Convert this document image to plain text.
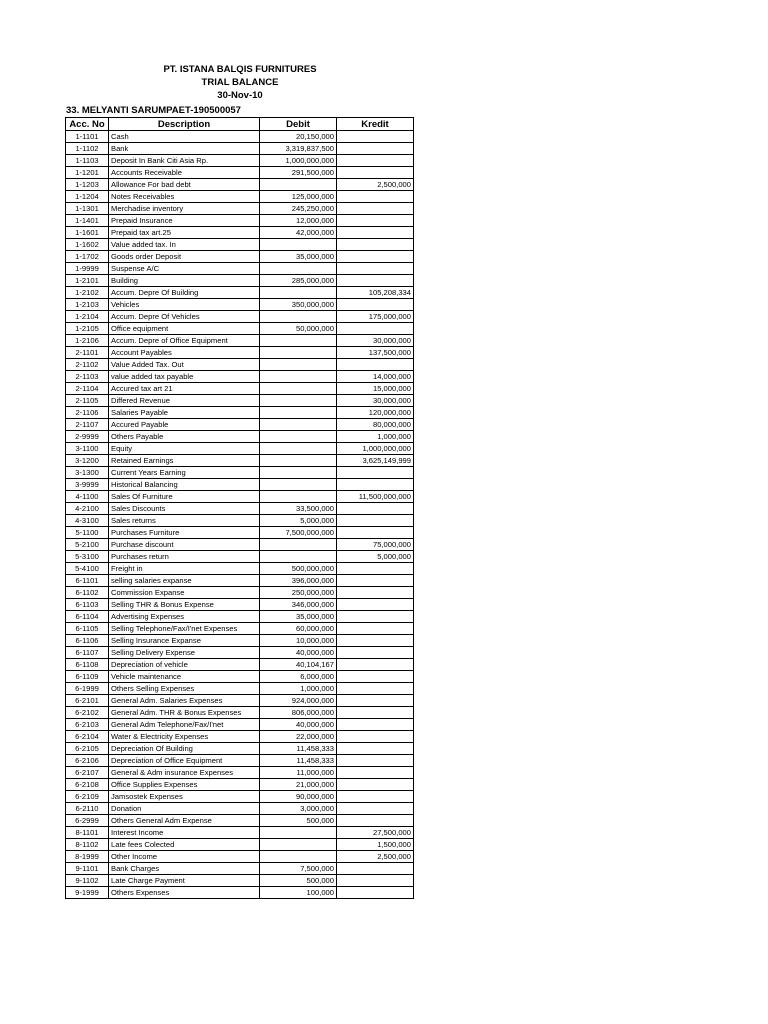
PT. ISTANA BALQIS FURNITURES
TRIAL BALANCE
30-Nov-10
33. MELYANTI SARUMPAET-190500057
Acc. No	Description	Debit	Kredit
1-1101	Cash	20,150,000	
1-1102	Bank	3,319,837,500	
1-1103	Deposit In Bank Citi Asia Rp.	1,000,000,000	
1-1201	Accounts Receivable	291,500,000	
1-1203	Allowance For bad debt		2,500,000
1-1204	Notes Receivables	125,000,000	
1-1301	Merchadise inventory	245,250,000	
1-1401	Prepaid Insurance	12,000,000	
1-1601	Prepaid tax art.25	42,000,000	
1-1602	Value added tax. In		
1-1702	Goods order Deposit	35,000,000	
1-9999	Suspense A/C		
1-2101	Building	285,000,000	
1-2102	Accum. Depre Of Building		105,208,334
1-2103	Vehicles	350,000,000	
1-2104	Accum. Depre Of Vehicles		175,000,000
1-2105	Office equipment	50,000,000	
1-2106	Accum. Depre of Office Equipment		30,000,000
2-1101	Account Payables		137,500,000
2-1102	Value Added Tax. Out		
2-1103	value added tax payable		14,000,000
2-1104	Accured tax art 21		15,000,000
2-1105	Differed Revenue		30,000,000
2-1106	Salaries Payable		120,000,000
2-1107	Accured Payable		80,000,000
2-9999	Others Payable		1,000,000
3-1100	Equity		1,000,000,000
3-1200	Retained Earnings		3,625,149,999
3-1300	Current Years Earning		
3-9999	Historical Balancing		
4-1100	Sales Of Furniture		11,500,000,000
4-2100	Sales Discounts	33,500,000	
4-3100	Sales returns	5,000,000	
5-1100	Purchases Furniture	7,500,000,000	
5-2100	Purchase discount		75,000,000
5-3100	Purchases return		5,000,000
5-4100	Freight in	500,000,000	
6-1101	selling salaries expanse	396,000,000	
6-1102	Commission Expanse	250,000,000	
6-1103	Selling THR & Bonus Expense	346,000,000	
6-1104	Advertising Expenses	35,000,000	
6-1105	Selling Telephone/Fax/I'net Expenses	60,000,000	
6-1106	Selling Insurance Expanse	10,000,000	
6-1107	Selling Delivery Expense	40,000,000	
6-1108	Depreciation of vehicle	40,104,167	
6-1109	Vehicle maintenance	6,000,000	
6-1999	Others Selling Expenses	1,000,000	
6-2101	General Adm. Salaries Expenses	924,000,000	
6-2102	General Adm. THR & Bonus Expenses	806,000,000	
6-2103	General Adm Telephone/Fax/I'net	40,000,000	
6-2104	Water & Electricity Expenses	22,000,000	
6-2105	Depreciation Of Building	11,458,333	
6-2106	Depreciation of Office Equipment	11,458,333	
6-2107	General & Adm insurance Expenses	11,000,000	
6-2108	Office Supplies Expenses	21,000,000	
6-2109	Jamsostek Expenses	90,000,000	
6-2110	Donation	3,000,000	
6-2999	Others General Adm Expense	500,000	
8-1101	Interest Income		27,500,000
8-1102	Late fees Colected		1,500,000
8-1999	Other Income		2,500,000
9-1101	Bank Charges	7,500,000	
9-1102	Late Charge Payment	500,000	
9-1999	Others Expenses	100,000	
